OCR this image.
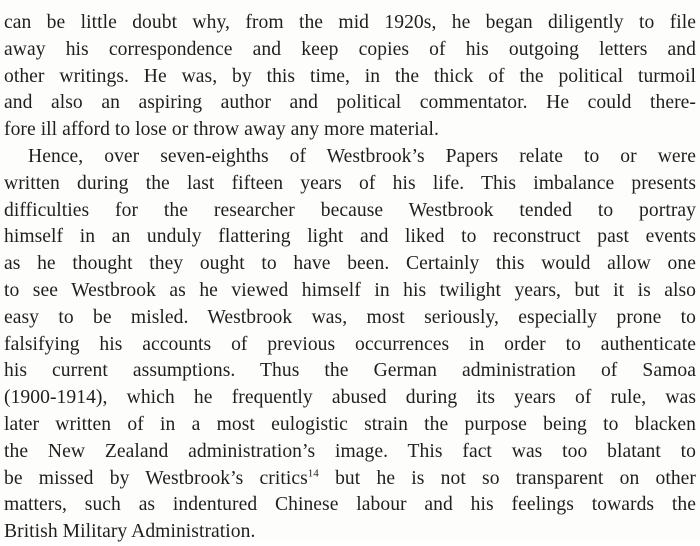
can be little doubt why, from the mid 1920s, he began diligently to file
away his correspondence and keep copies of his outgoing letters and
other writings. He was, by this time, in the thick of the political turmoil
and also an aspiring author and political commentator. He could there-
fore ill afford to lose or throw away any more material.
Hence, over seven-eighths of Westbrook’s Papers relate to or were
written during the last fifteen years of his life. This imbalance presents
difficulties for the researcher because Westbrook tended to portray
himself in an unduly flattering light and liked to reconstruct past events
as he thought they ought to have been. Certainly this would allow one
to see Westbrook as he viewed himself in his twilight years, but it is also
easy to be misled. Westbrook was, most seriously, especially prone to
falsifying his accounts of previous occurrences in order to authenticate
his current assumptions. Thus the German administration of Samoa
(1900-1914), which he frequently abused during its years of rule, was
later written of in a most eulogistic strain the purpose being to blacken
the New Zealand administration’s image. This fact was too blatant to
be missed by Westbrook’s critics$^{14}$ but he is not so transparent on other
matters, such as indentured Chinese labour and his feelings towards the
British Military Administration.
